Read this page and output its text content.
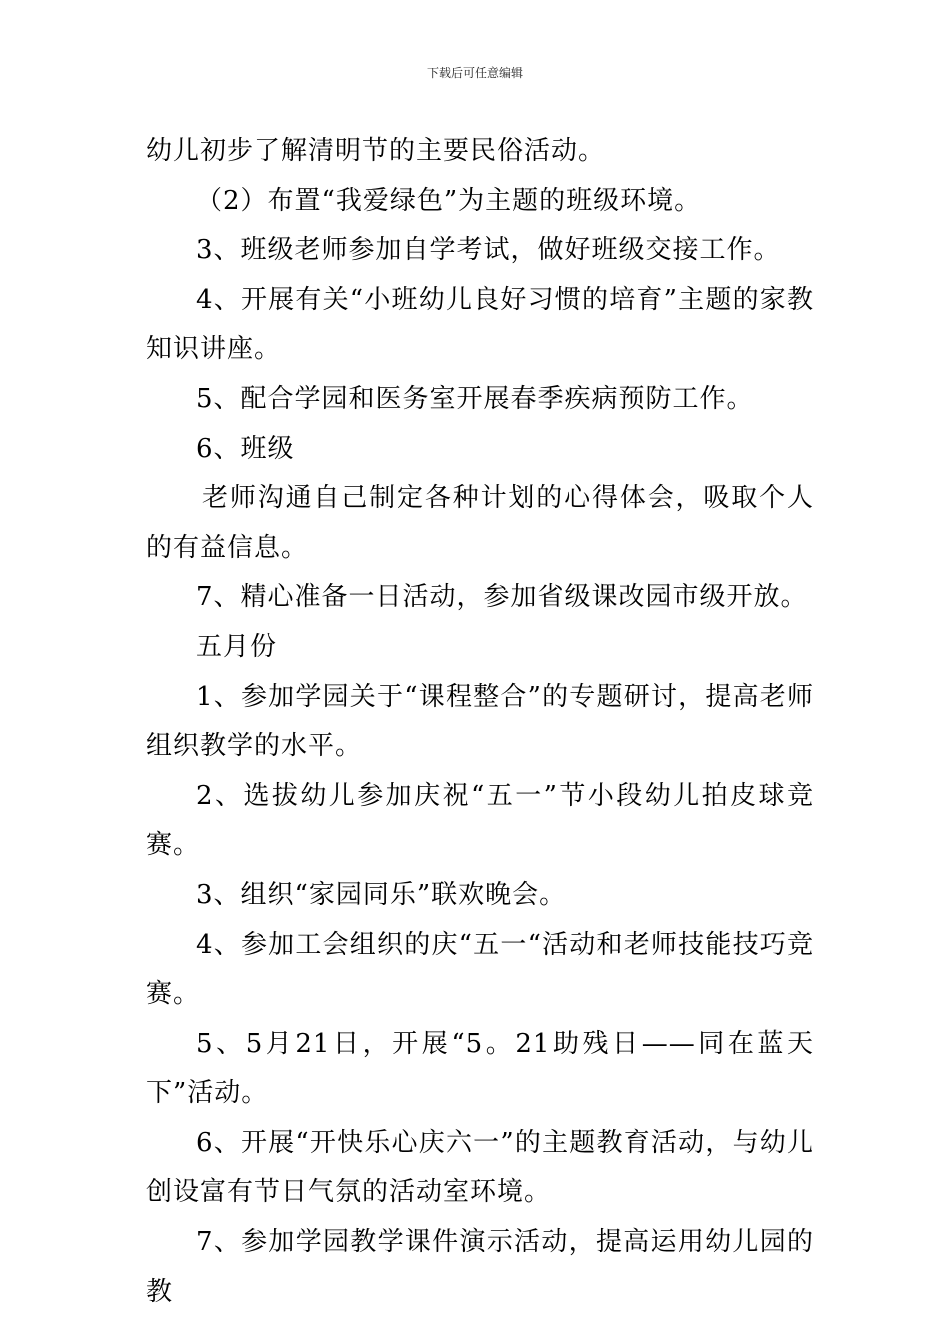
下载后可任意编辑

幼儿初步了解清明节的主要民俗活动。

（2）布置“我爱绿色”为主题的班级环境。

3、班级老师参加自学考试，做好班级交接工作。

4、开展有关“小班幼儿良好习惯的培育”主题的家教知识讲座。

5、配合学园和医务室开展春季疾病预防工作。

6、班级

老师沟通自己制定各种计划的心得体会，吸取个人的有益信息。

7、精心准备一日活动，参加省级课改园市级开放。

五月份

1、参加学园关于“课程整合”的专题研讨，提高老师组织教学的水平。

2、选拔幼儿参加庆祝“五一”节小段幼儿拍皮球竞赛。

3、组织“家园同乐”联欢晚会。

4、参加工会组织的庆“五一“活动和老师技能技巧竞赛。

5、5月21日，开展“5。21助残日——同在蓝天下”活动。

6、开展“开快乐心庆六一”的主题教育活动，与幼儿创设富有节日气氛的活动室环境。

7、参加学园教学课件演示活动，提高运用幼儿园的教
